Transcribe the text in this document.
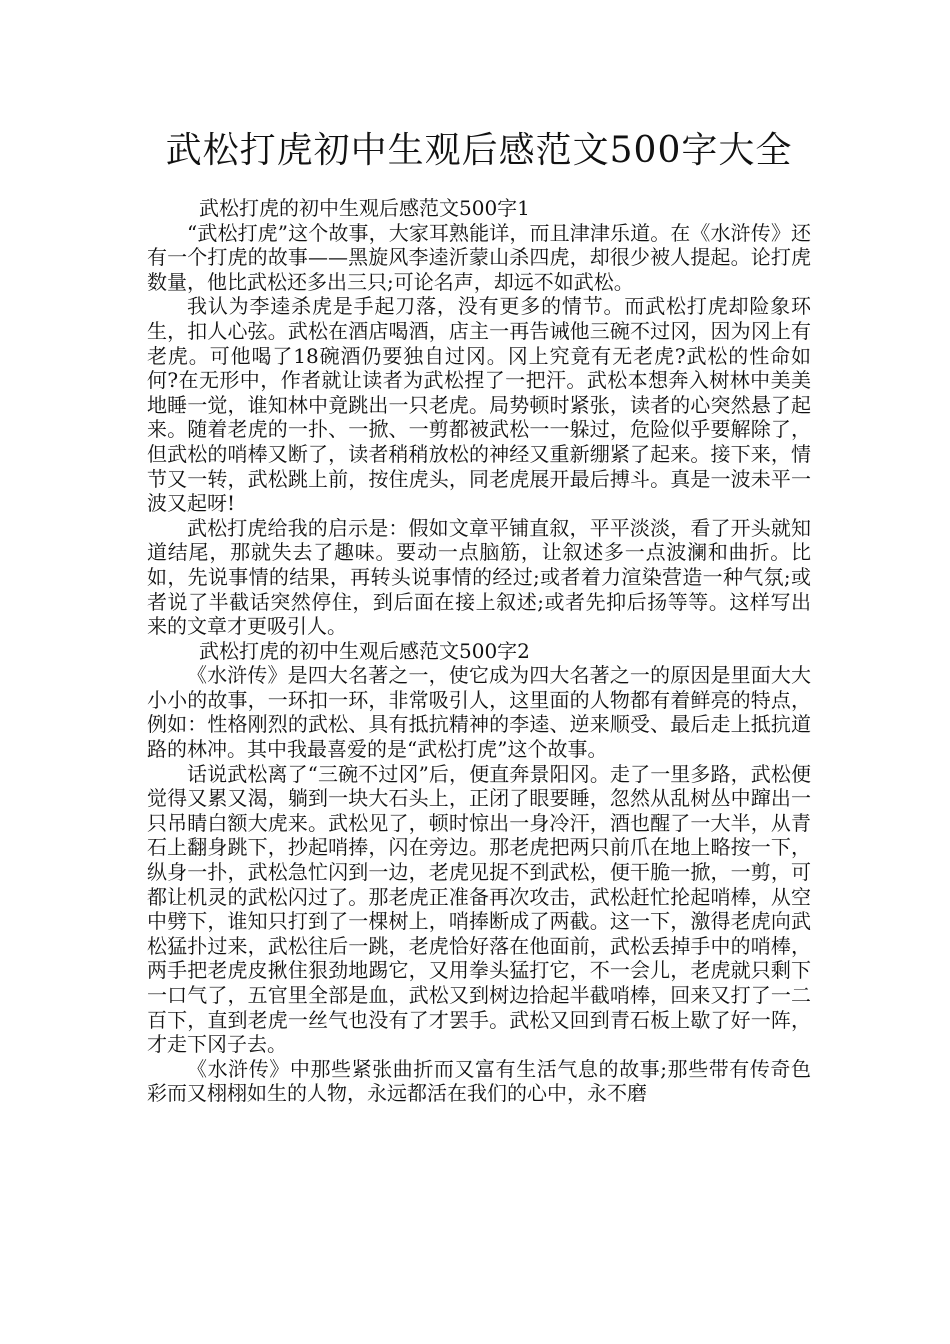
武松打虎初中生观后感范文500字大全

武松打虎的初中生观后感范文500字1

“武松打虎”这个故事，大家耳熟能详，而且津津乐道。在《水浒传》还有一个打虎的故事——黑旋风李逵沂蒙山杀四虎，却很少被人提起。论打虎数量，他比武松还多出三只;可论名声，却远不如武松。

我认为李逵杀虎是手起刀落，没有更多的情节。而武松打虎却险象环生，扣人心弦。武松在酒店喝酒，店主一再告诫他三碗不过冈，因为冈上有老虎。可他喝了18碗酒仍要独自过冈。冈上究竟有无老虎?武松的性命如何?在无形中，作者就让读者为武松捏了一把汗。武松本想奔入树林中美美地睡一觉，谁知林中竟跳出一只老虎。局势顿时紧张，读者的心突然悬了起来。随着老虎的一扑、一掀、一剪都被武松一一躲过，危险似乎要解除了，但武松的哨棒又断了，读者稍稍放松的神经又重新绷紧了起来。接下来，情节又一转，武松跳上前，按住虎头，同老虎展开最后搏斗。真是一波未平一波又起呀!

武松打虎给我的启示是：假如文章平铺直叙，平平淡淡，看了开头就知道结尾，那就失去了趣味。要动一点脑筋，让叙述多一点波澜和曲折。比如，先说事情的结果，再转头说事情的经过;或者着力渲染营造一种气氛;或者说了半截话突然停住，到后面在接上叙述;或者先抑后扬等等。这样写出来的文章才更吸引人。

武松打虎的初中生观后感范文500字2

《水浒传》是四大名著之一，使它成为四大名著之一的原因是里面大大小小的故事，一环扣一环，非常吸引人，这里面的人物都有着鲜亮的特点，例如：性格刚烈的武松、具有抵抗精神的李逵、逆来顺受、最后走上抵抗道路的林冲。其中我最喜爱的是“武松打虎”这个故事。

话说武松离了“三碗不过冈”后，便直奔景阳冈。走了一里多路，武松便觉得又累又渴，躺到一块大石头上，正闭了眼要睡，忽然从乱树丛中蹿出一只吊睛白额大虎来。武松见了，顿时惊出一身冷汗，酒也醒了一大半，从青石上翻身跳下，抄起哨捧，闪在旁边。那老虎把两只前爪在地上略按一下，纵身一扑，武松急忙闪到一边，老虎见捉不到武松，便干脆一掀，一剪，可都让机灵的武松闪过了。那老虎正准备再次攻击，武松赶忙抡起哨棒，从空中劈下，谁知只打到了一棵树上，哨捧断成了两截。这一下，激得老虎向武松猛扑过来，武松往后一跳，老虎恰好落在他面前，武松丢掉手中的哨棒，两手把老虎皮揪住狠劲地踢它，又用拳头猛打它，不一会儿，老虎就只剩下一口气了，五官里全部是血，武松又到树边拾起半截哨棒，回来又打了一二百下，直到老虎一丝气也没有了才罢手。武松又回到青石板上歇了好一阵，才走下冈子去。

《水浒传》中那些紧张曲折而又富有生活气息的故事;那些带有传奇色彩而又栩栩如生的人物，永远都活在我们的心中，永不磨
